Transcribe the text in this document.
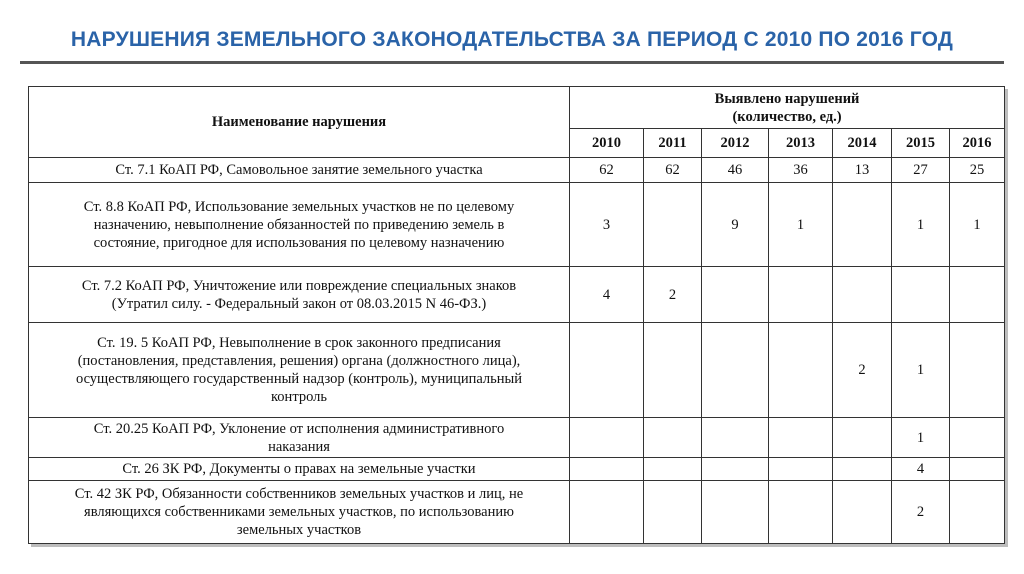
НАРУШЕНИЯ ЗЕМЕЛЬНОГО ЗАКОНОДАТЕЛЬСТВА ЗА ПЕРИОД С 2010 ПО 2016 ГОД
Наименование нарушения	Выявлено нарушений
(количество, ед.)						
	2010	2011	2012	2013	2014	2015	2016
Ст. 7.1 КоАП РФ, Самовольное занятие земельного участка	62	62	46	36	13	27	25
Ст. 8.8 КоАП РФ, Использование земельных участков не по целевому
назначению, невыполнение обязанностей по приведению земель в
состояние, пригодное для использования по целевому назначению	3		9	1		1	1
Ст. 7.2 КоАП РФ, Уничтожение или повреждение специальных знаков
(Утратил силу. - Федеральный закон от 08.03.2015 N 46-ФЗ.)	4	2					
Ст. 19. 5 КоАП РФ, Невыполнение в срок законного предписания
(постановления, представления, решения) органа (должностного лица),
осуществляющего государственный надзор (контроль), муниципальный
контроль					2	1	
Ст. 20.25 КоАП РФ, Уклонение от исполнения административного
наказания						1	
Ст. 26 ЗК РФ, Документы о правах на земельные участки						4	
Ст. 42 ЗК РФ, Обязанности собственников земельных участков и лиц, не
являющихся собственниками земельных участков, по использованию
земельных участков						2	
